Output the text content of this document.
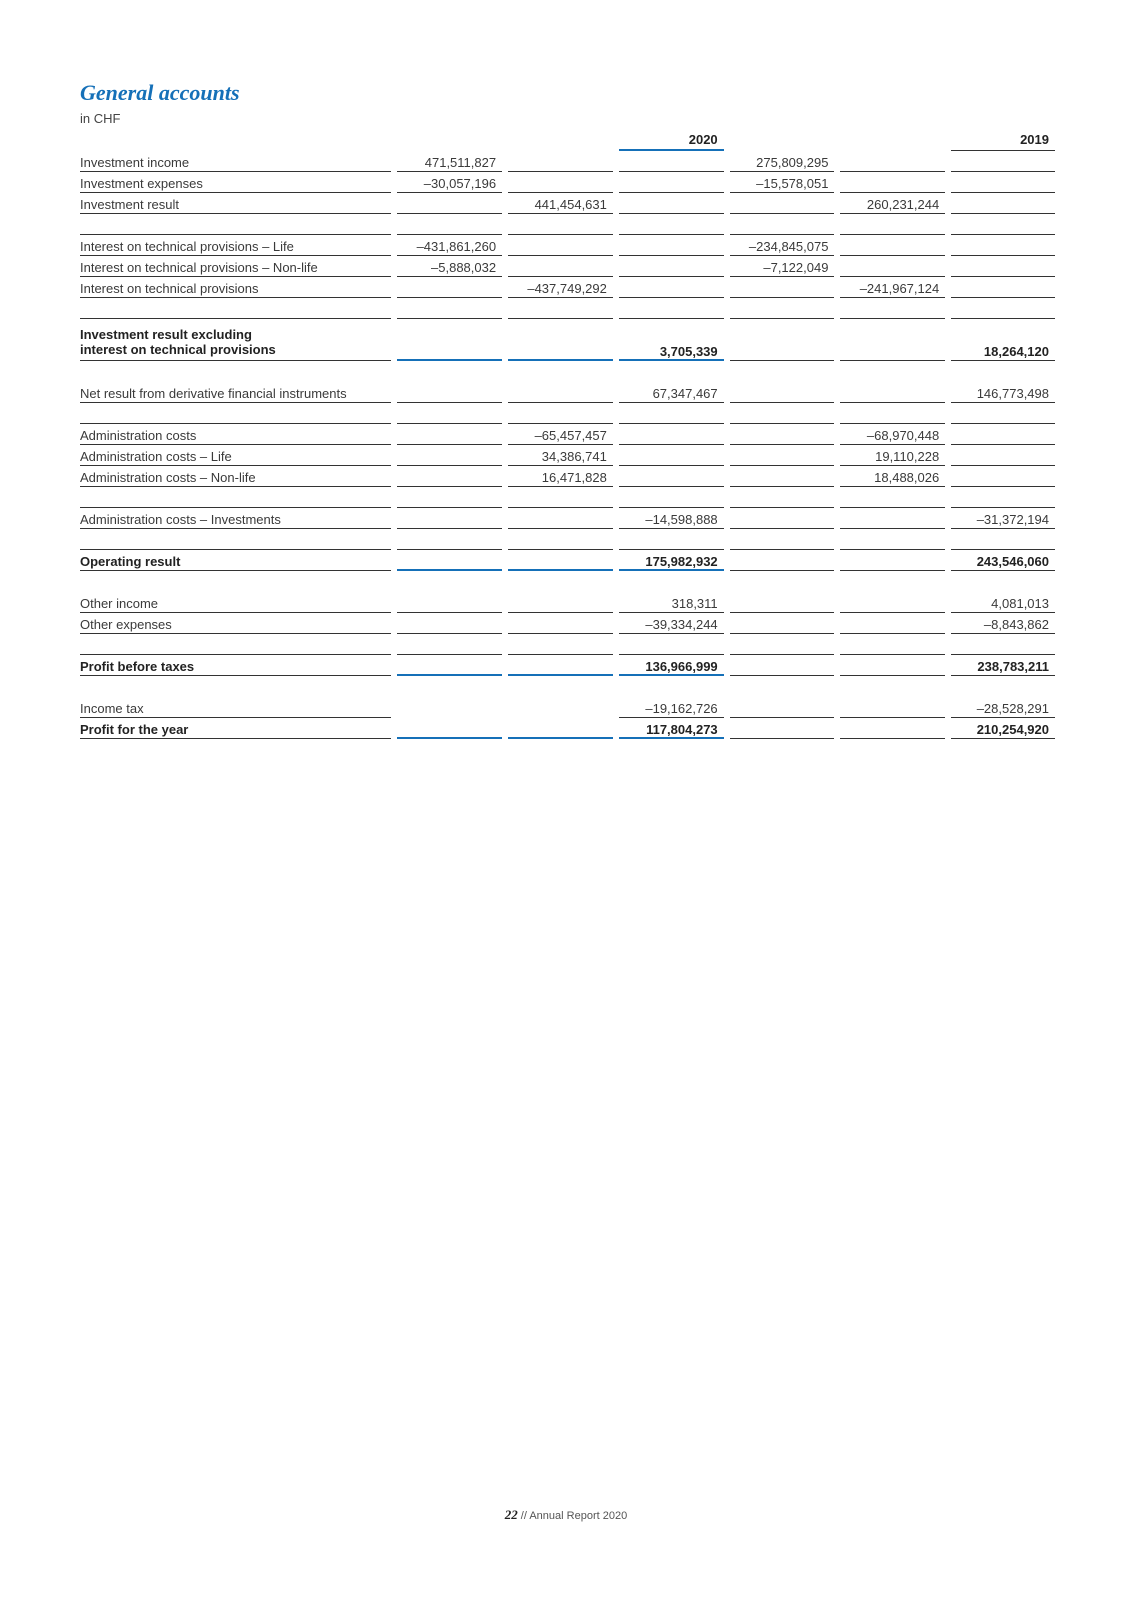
General accounts
in CHF
2020	2019
Investment income	471,511,827	275,809,295
Investment expenses	–30,057,196	–15,578,051
Investment result	441,454,631	260,231,244
Interest on technical provisions – Life	–431,861,260	–234,845,075
Interest on technical provisions – Non-life	–5,888,032	–7,122,049
Interest on technical provisions	–437,749,292	–241,967,124
Investment result excluding
interest on technical provisions	3,705,339	18,264,120
Net result from derivative financial instruments	67,347,467	146,773,498
Administration costs	–65,457,457	–68,970,448
Administration costs – Life	34,386,741	19,110,228
Administration costs – Non-life	16,471,828	18,488,026
Administration costs – Investments	–14,598,888	–31,372,194
Operating result	175,982,932	243,546,060
Other income	318,311	4,081,013
Other expenses	–39,334,244	–8,843,862
Profit before taxes	136,966,999	238,783,211
Income tax	–19,162,726	–28,528,291
Profit for the year	117,804,273	210,254,920
22 // Annual Report 2020
